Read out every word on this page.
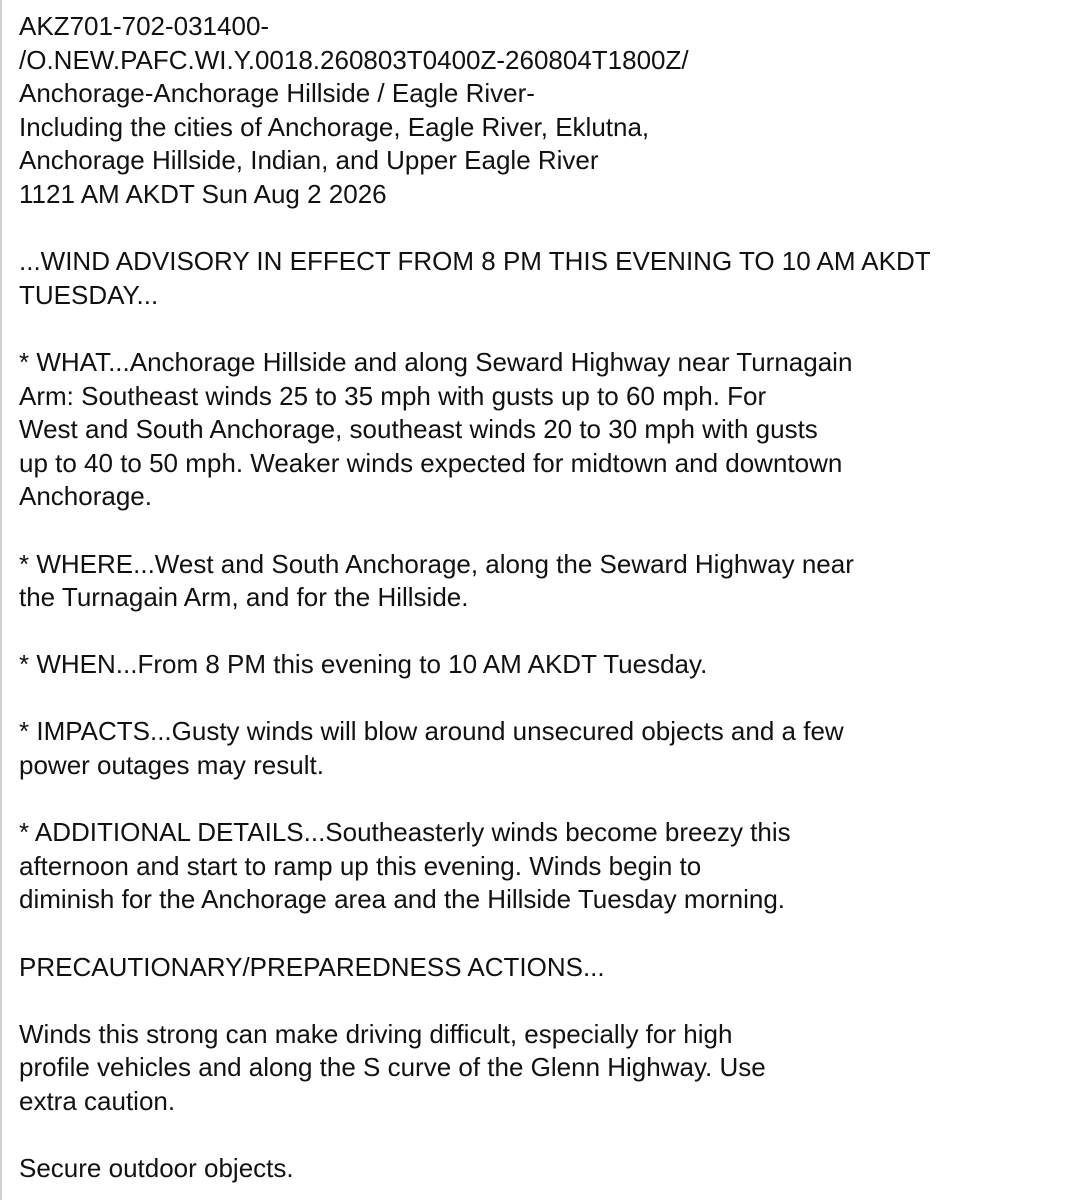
AKZ701-702-031400-
/O.NEW.PAFC.WI.Y.0018.260803T0400Z-260804T1800Z/
Anchorage-Anchorage Hillside / Eagle River-
Including the cities of Anchorage, Eagle River, Eklutna,
Anchorage Hillside, Indian, and Upper Eagle River
1121 AM AKDT Sun Aug 2 2026
...WIND ADVISORY IN EFFECT FROM 8 PM THIS EVENING TO 10 AM AKDT
TUESDAY...
* WHAT...Anchorage Hillside and along Seward Highway near Turnagain
Arm: Southeast winds 25 to 35 mph with gusts up to 60 mph. For
West and South Anchorage, southeast winds 20 to 30 mph with gusts
up to 40 to 50 mph. Weaker winds expected for midtown and downtown
Anchorage.
* WHERE...West and South Anchorage, along the Seward Highway near
the Turnagain Arm, and for the Hillside.
* WHEN...From 8 PM this evening to 10 AM AKDT Tuesday.
* IMPACTS...Gusty winds will blow around unsecured objects and a few
power outages may result.
* ADDITIONAL DETAILS...Southeasterly winds become breezy this
afternoon and start to ramp up this evening. Winds begin to
diminish for the Anchorage area and the Hillside Tuesday morning.
PRECAUTIONARY/PREPAREDNESS ACTIONS...
Winds this strong can make driving difficult, especially for high
profile vehicles and along the S curve of the Glenn Highway. Use
extra caution.
Secure outdoor objects.
